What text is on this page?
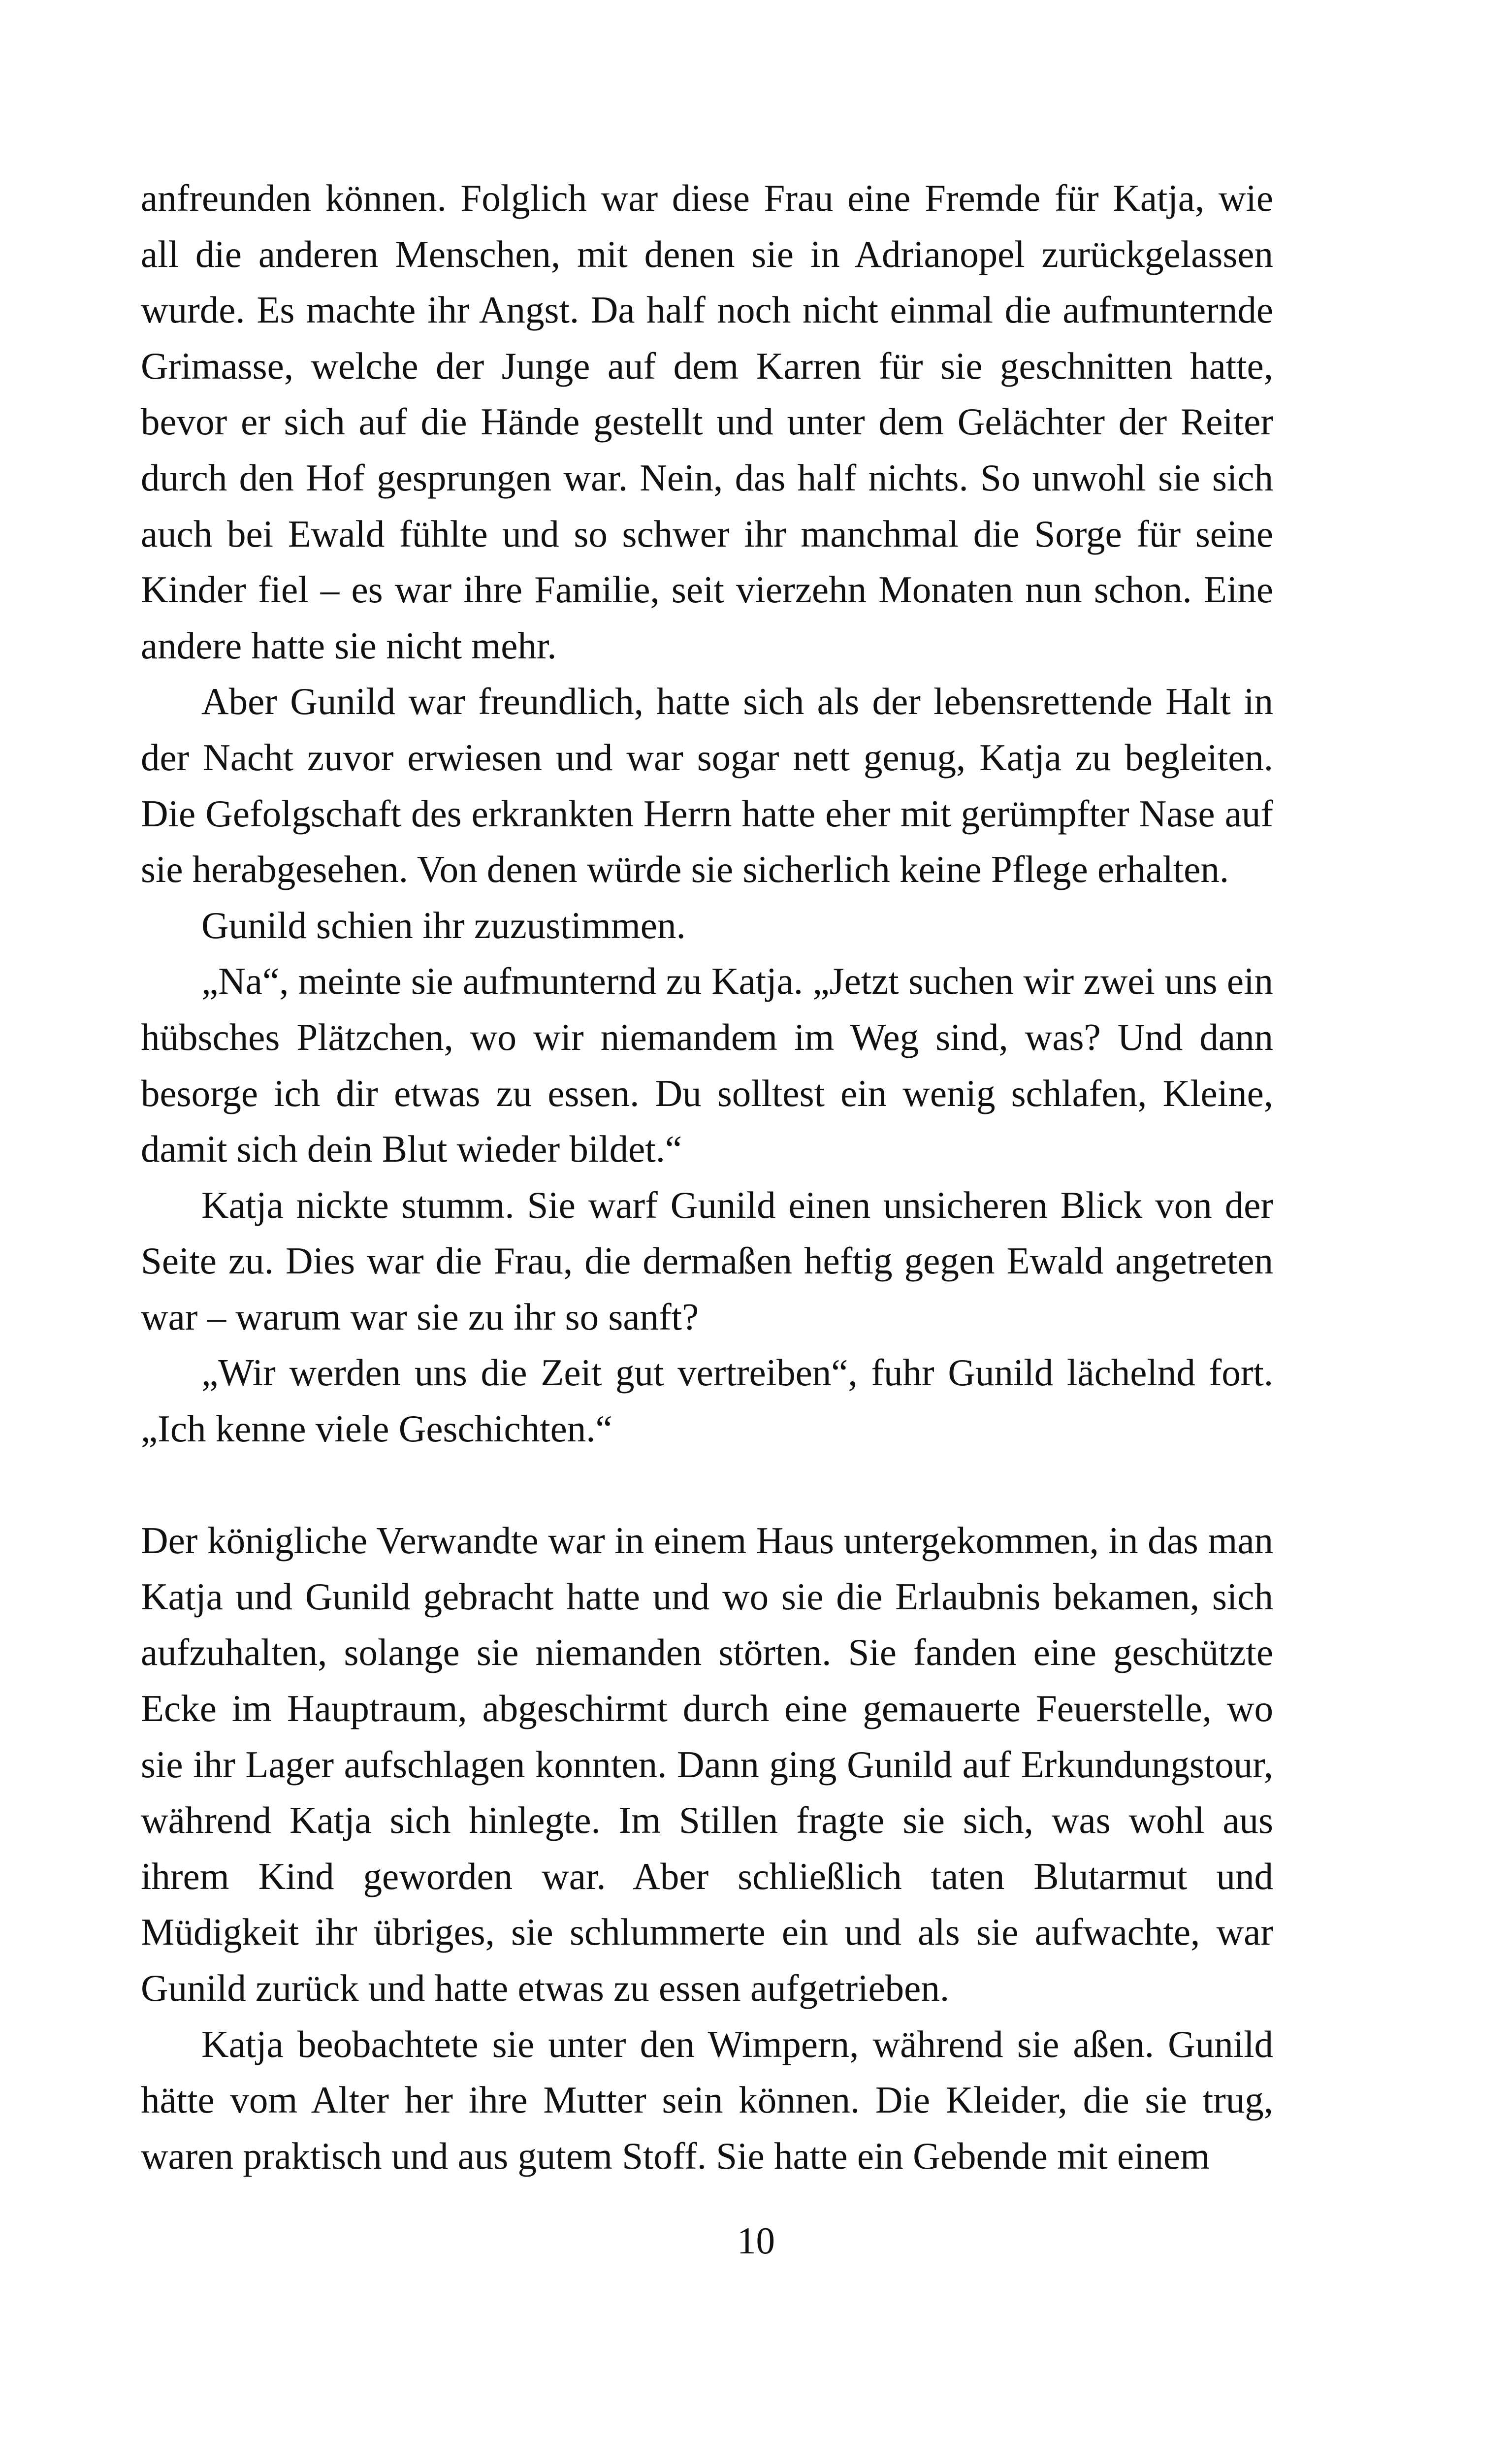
anfreunden können. Folglich war diese Frau eine Fremde für Katja, wie all die anderen Menschen, mit denen sie in Adrianopel zurückgelassen wurde. Es machte ihr Angst. Da half noch nicht einmal die aufmunternde Grimasse, welche der Junge auf dem Karren für sie geschnitten hatte, bevor er sich auf die Hände gestellt und unter dem Gelächter der Reiter durch den Hof gesprungen war. Nein, das half nichts. So unwohl sie sich auch bei Ewald fühlte und so schwer ihr manchmal die Sorge für seine Kinder fiel – es war ihre Familie, seit vierzehn Monaten nun schon. Eine andere hatte sie nicht mehr.

Aber Gunild war freundlich, hatte sich als der lebensrettende Halt in der Nacht zuvor erwiesen und war sogar nett genug, Katja zu begleiten. Die Gefolgschaft des erkrankten Herrn hatte eher mit gerümpfter Nase auf sie herabgesehen. Von denen würde sie sicherlich keine Pflege erhalten.

Gunild schien ihr zuzustimmen.

„Na“, meinte sie aufmunternd zu Katja. „Jetzt suchen wir zwei uns ein hübsches Plätzchen, wo wir niemandem im Weg sind, was? Und dann besorge ich dir etwas zu essen. Du solltest ein wenig schlafen, Kleine, damit sich dein Blut wieder bildet.“

Katja nickte stumm. Sie warf Gunild einen unsicheren Blick von der Seite zu. Dies war die Frau, die dermaßen heftig gegen Ewald angetreten war – warum war sie zu ihr so sanft?

„Wir werden uns die Zeit gut vertreiben“, fuhr Gunild lächelnd fort. „Ich kenne viele Geschichten.“

Der königliche Verwandte war in einem Haus untergekommen, in das man Katja und Gunild gebracht hatte und wo sie die Erlaubnis bekamen, sich aufzuhalten, solange sie niemanden störten. Sie fanden eine geschützte Ecke im Hauptraum, abgeschirmt durch eine gemauerte Feuerstelle, wo sie ihr Lager aufschlagen konnten. Dann ging Gunild auf Erkundungstour, während Katja sich hinlegte. Im Stillen fragte sie sich, was wohl aus ihrem Kind geworden war. Aber schließlich taten Blutarmut und Müdigkeit ihr übriges, sie schlummerte ein und als sie aufwachte, war Gunild zurück und hatte etwas zu essen aufgetrieben.

Katja beobachtete sie unter den Wimpern, während sie aßen. Gunild hätte vom Alter her ihre Mutter sein können. Die Kleider, die sie trug, waren praktisch und aus gutem Stoff. Sie hatte ein Gebende mit einem

10
